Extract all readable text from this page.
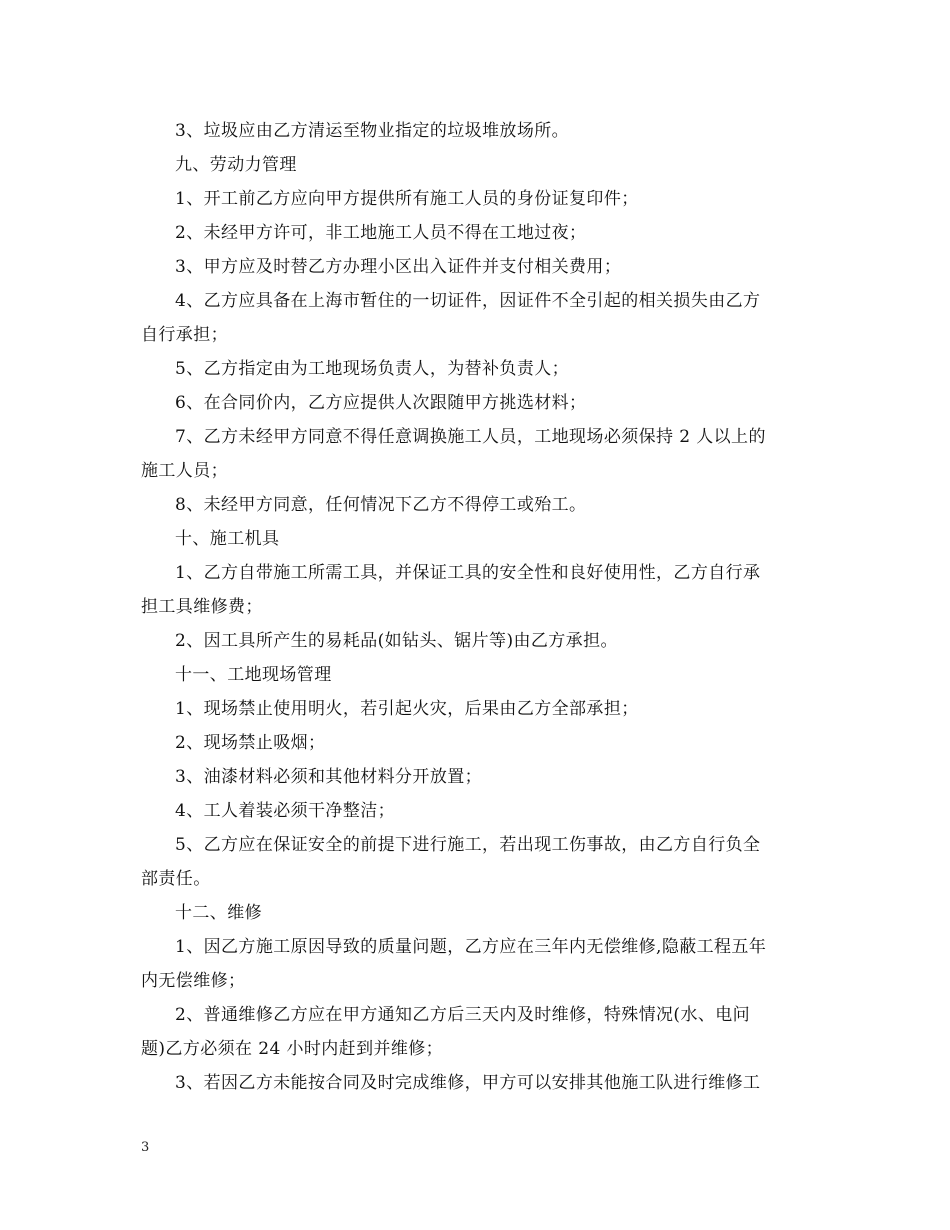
3、垃圾应由乙方清运至物业指定的垃圾堆放场所。
九、劳动力管理
1、开工前乙方应向甲方提供所有施工人员的身份证复印件；
2、未经甲方许可，非工地施工人员不得在工地过夜；
3、甲方应及时替乙方办理小区出入证件并支付相关费用；
4、乙方应具备在上海市暂住的一切证件，因证件不全引起的相关损失由乙方
自行承担；
5、乙方指定由为工地现场负责人，为替补负责人；
6、在合同价内，乙方应提供人次跟随甲方挑选材料；
7、乙方未经甲方同意不得任意调换施工人员，工地现场必须保持 2 人以上的
施工人员；
8、未经甲方同意，任何情况下乙方不得停工或殆工。
十、施工机具
1、乙方自带施工所需工具，并保证工具的安全性和良好使用性，乙方自行承
担工具维修费；
2、因工具所产生的易耗品(如钻头、锯片等)由乙方承担。
十一、工地现场管理
1、现场禁止使用明火，若引起火灾，后果由乙方全部承担；
2、现场禁止吸烟；
3、油漆材料必须和其他材料分开放置；
4、工人着装必须干净整洁；
5、乙方应在保证安全的前提下进行施工，若出现工伤事故，由乙方自行负全
部责任。
十二、维修
1、因乙方施工原因导致的质量问题，乙方应在三年内无偿维修,隐蔽工程五年
内无偿维修；
2、普通维修乙方应在甲方通知乙方后三天内及时维修，特殊情况(水、电问
题)乙方必须在 24 小时内赶到并维修；
3、若因乙方未能按合同及时完成维修，甲方可以安排其他施工队进行维修工
3
